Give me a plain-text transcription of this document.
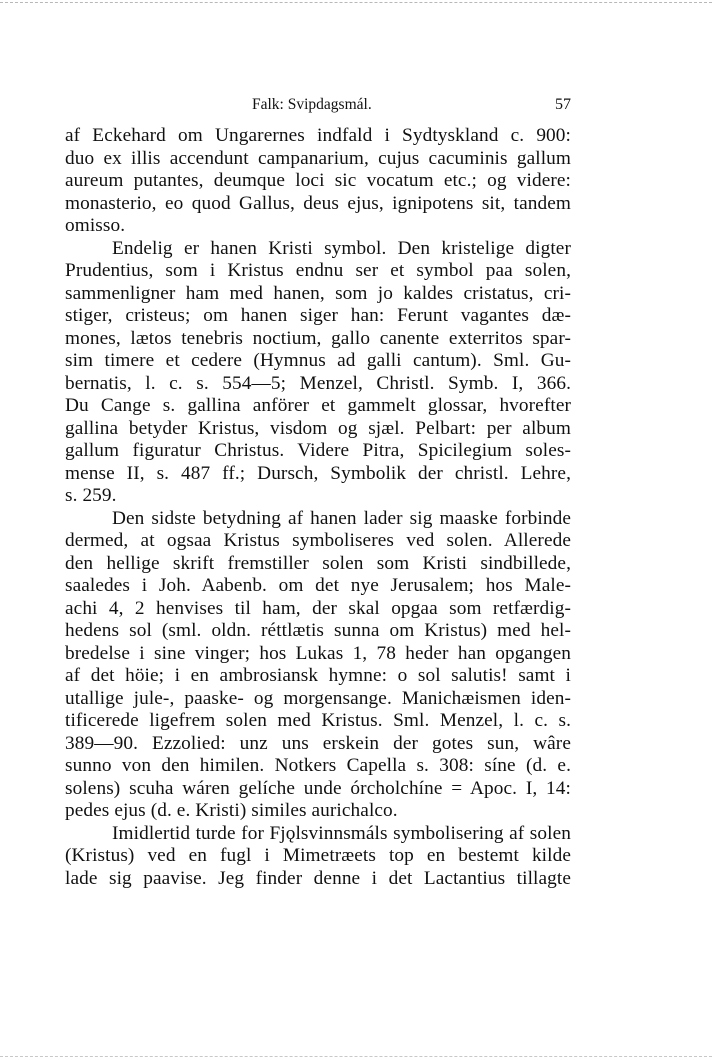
Falk: Svipdagsmál.	57
af Eckehard om Ungarernes indfald i Sydtyskland c. 900:
duo ex illis accendunt campanarium, cujus cacuminis gallum
aureum putantes, deumque loci sic vocatum etc.; og videre:
monasterio, eo quod Gallus, deus ejus, ignipotens sit, tandem
omisso.
Endelig er hanen Kristi symbol. Den kristelige digter
Prudentius, som i Kristus endnu ser et symbol paa solen,
sammenligner ham med hanen, som jo kaldes cristatus, cri-
stiger, cristeus; om hanen siger han: Ferunt vagantes dæ-
mones, lætos tenebris noctium, gallo canente exterritos spar-
sim timere et cedere (Hymnus ad galli cantum). Sml. Gu-
bernatis, l. c. s. 554—5; Menzel, Christl. Symb. I, 366.
Du Cange s. gallina anförer et gammelt glossar, hvorefter
gallina betyder Kristus, visdom og sjæl. Pelbart: per album
gallum figuratur Christus. Videre Pitra, Spicilegium soles-
mense II, s. 487 ff.; Dursch, Symbolik der christl. Lehre,
s. 259.
Den sidste betydning af hanen lader sig maaske forbinde
dermed, at ogsaa Kristus symboliseres ved solen. Allerede
den hellige skrift fremstiller solen som Kristi sindbillede,
saaledes i Joh. Aabenb. om det nye Jerusalem; hos Male-
achi 4, 2 henvises til ham, der skal opgaa som retfærdig-
hedens sol (sml. oldn. réttlætis sunna om Kristus) med hel-
bredelse i sine vinger; hos Lukas 1, 78 heder han opgangen
af det höie; i en ambrosiansk hymne: o sol salutis! samt i
utallige jule-, paaske- og morgensange. Manichæismen iden-
tificerede ligefrem solen med Kristus. Sml. Menzel, l. c. s.
389—90. Ezzolied: unz uns erskein der gotes sun, wâre
sunno von den himilen. Notkers Capella s. 308: síne (d. e.
solens) scuha wáren gelíche unde órcholchíne = Apoc. I, 14:
pedes ejus (d. e. Kristi) similes aurichalco.
Imidlertid turde for Fjǫlsvinnsmáls symbolisering af solen
(Kristus) ved en fugl i Mimetræets top en bestemt kilde
lade sig paavise. Jeg finder denne i det Lactantius tillagte
